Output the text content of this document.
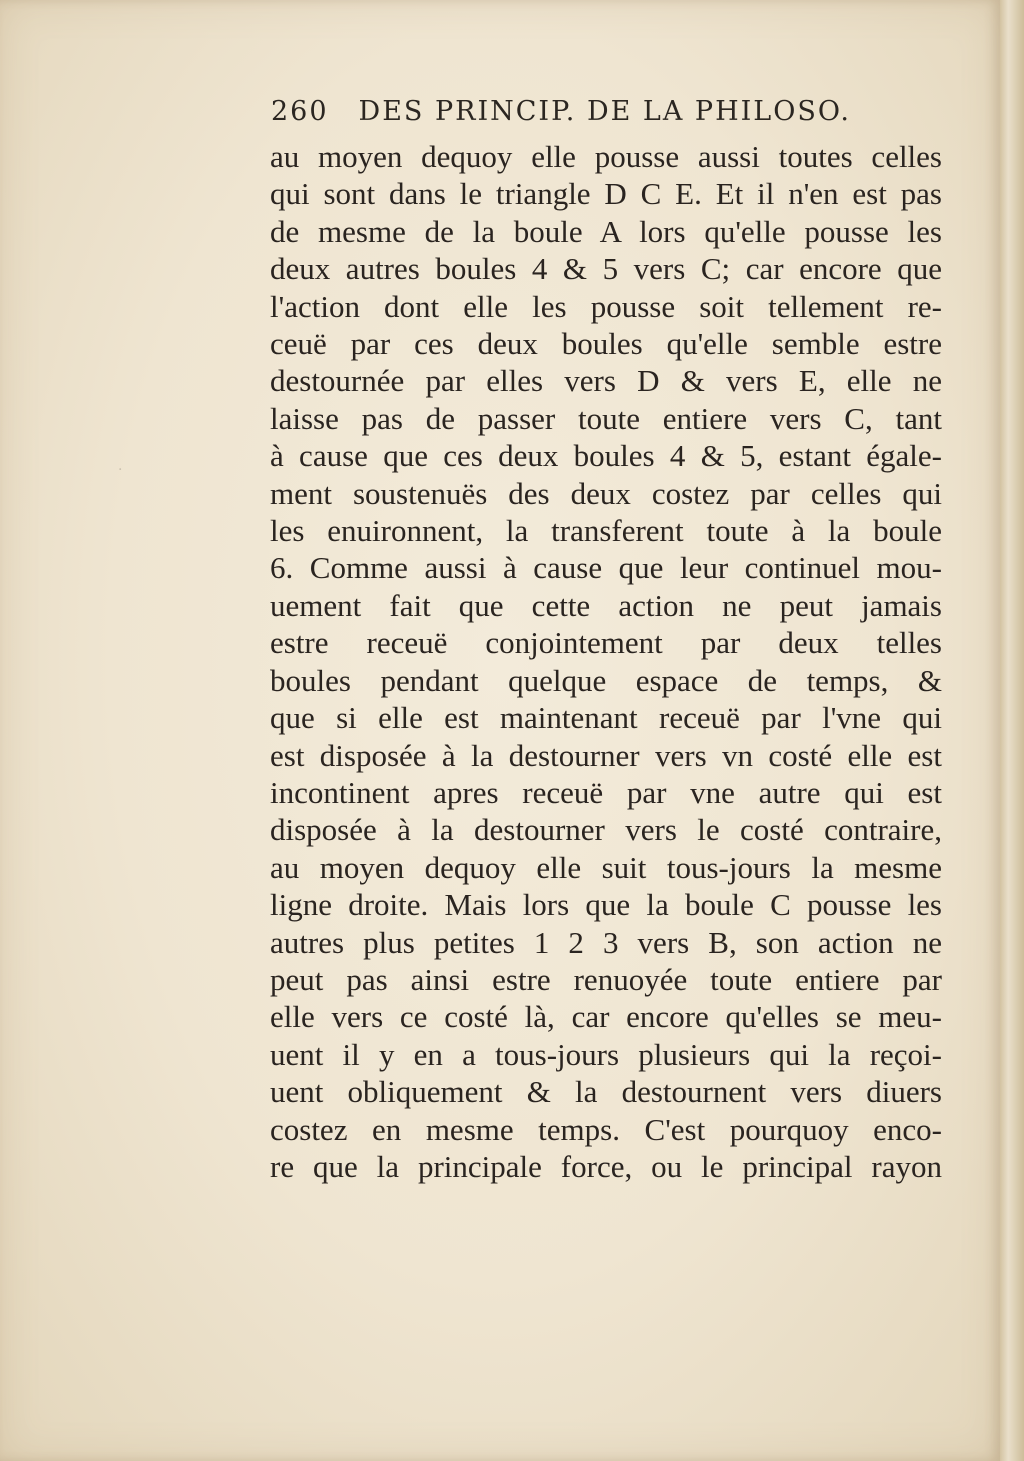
·
260 DES PRINCIP. DE LA PHILOSO.
au moyen dequoy elle pousse aussi toutes celles
qui sont dans le triangle D C E. Et il n'en est pas
de mesme de la boule A lors qu'elle pousse les
deux autres boules 4 & 5 vers C; car encore que
l'action dont elle les pousse soit tellement re-
ceuë par ces deux boules qu'elle semble estre
destournée par elles vers D & vers E, elle ne
laisse pas de passer toute entiere vers C, tant
à cause que ces deux boules 4 & 5, estant égale-
ment soustenuës des deux costez par celles qui
les enuironnent, la transferent toute à la boule
6. Comme aussi à cause que leur continuel mou-
uement fait que cette action ne peut jamais
estre receuë conjointement par deux telles
boules pendant quelque espace de temps, &
que si elle est maintenant receuë par l'vne qui
est disposée à la destourner vers vn costé elle est
incontinent apres receuë par vne autre qui est
disposée à la destourner vers le costé contraire,
au moyen dequoy elle suit tous-jours la mesme
ligne droite. Mais lors que la boule C pousse les
autres plus petites 1 2 3 vers B, son action ne
peut pas ainsi estre renuoyée toute entiere par
elle vers ce costé là, car encore qu'elles se meu-
uent il y en a tous-jours plusieurs qui la reçoi-
uent obliquement & la destournent vers diuers
costez en mesme temps. C'est pourquoy enco-
re que la principale force, ou le principal rayon
